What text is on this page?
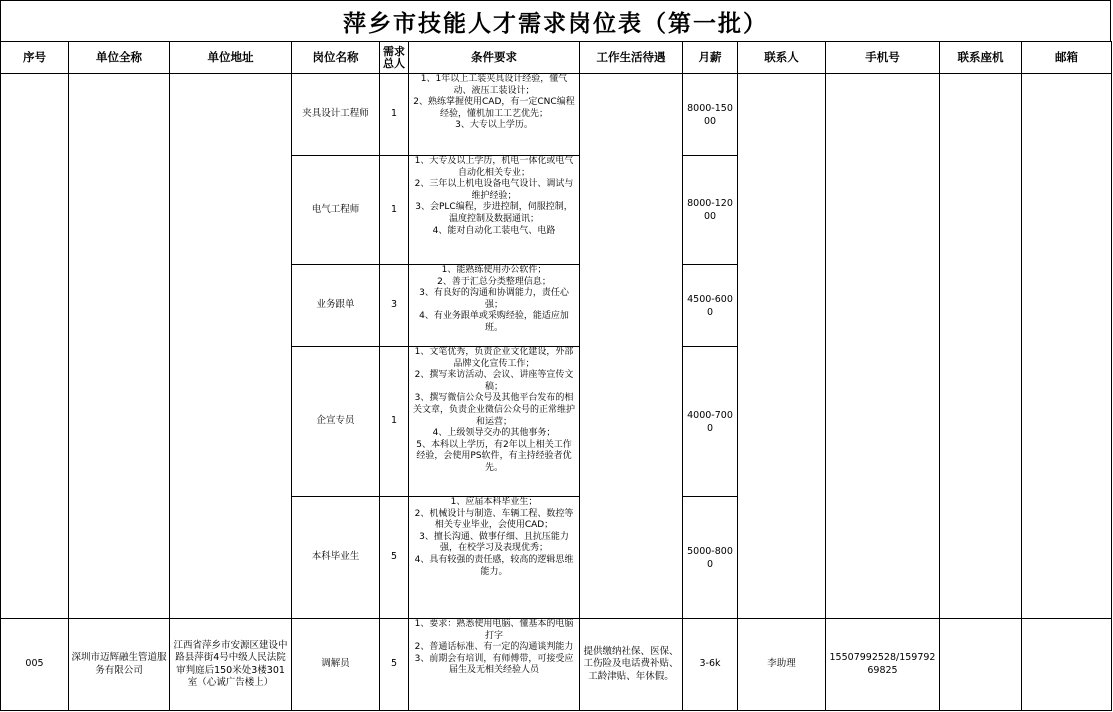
萍乡市技能人才需求岗位表（第一批）
序号	单位全称	单位地址	岗位名称	需求总人	条件要求	工作生活待遇	月薪	联系人	手机号	联系座机	邮箱
			夹具设计工程师	1	1、1年以上工装夹具设计经验，懂气动、液压工装设计；
2、熟练掌握使用CAD，有一定CNC编程经验，懂机加工工艺优先；
3、大专以上学历。		8000-15000				
			电气工程师	1	1、大专及以上学历，机电一体化或电气自动化相关专业；
2、三年以上机电设备电气设计、调试与维护经验；
3、会PLC编程，步进控制，伺服控制，温度控制及数据通讯；
4、能对自动化工装电气、电路		8000-12000				
			业务跟单	3	1、能熟练使用办公软件；
2、善于汇总分类整理信息；
3、有良好的沟通和协调能力，责任心强；
4、有业务跟单或采购经验，能适应加班。		4500-6000				
			企宣专员	1	1、文笔优秀，负责企业文化建设，外部品牌文化宣传工作；
2、撰写来访活动、会议、讲座等宣传文稿；
3、撰写微信公众号及其他平台发布的相关文章，负责企业微信公众号的正常维护和运营；
4、上级领导交办的其他事务；
5、本科以上学历，有2年以上相关工作经验，会使用PS软件，有主持经验者优先。		4000-7000				
			本科毕业生	5	1、应届本科毕业生；
2、机械设计与制造、车辆工程、数控等相关专业毕业，会使用CAD；
3、擅长沟通、做事仔细、且抗压能力强，在校学习及表现优秀；
4、具有较强的责任感，较高的逻辑思维能力。		5000-8000				
005	深圳市迈辉融生管道服务有限公司	江西省萍乡市安源区建设中路县萍街4号中级人民法院审判庭后150米处3楼301室（心诚广告楼上）	调解员	5	1、要求：熟悉使用电脑、懂基本的电脑打字
2、普通话标准、有一定的沟通谈判能力
3、前期会有培训，有师傅带，可接受应届生及无相关经验人员	提供缴纳社保、医保、工伤险及电话费补贴、工龄津贴、年休假。	3-6k	李助理	15507992528/15979269825		
